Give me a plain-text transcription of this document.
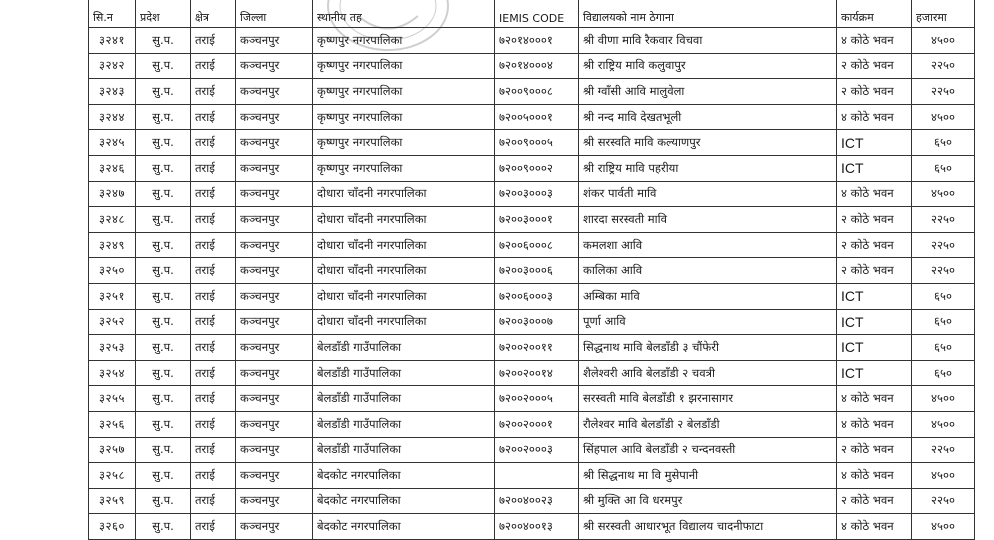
सि.न	प्रदेश	क्षेत्र	जिल्ला	स्थानीय तह	IEMIS CODE	विद्यालयको नाम ठेगाना	कार्यक्रम	हजारमा
३२४१	सु.प.	तराई	कञ्चनपुर	कृष्णपुर नगरपालिका	७२०१४०००१	श्री वीणा मावि रैकवार विचवा	४ कोठे भवन	४५००
३२४२	सु.प.	तराई	कञ्चनपुर	कृष्णपुर नगरपालिका	७२०१४०००४	श्री राष्ट्रिय मावि कलुवापुर	२ कोठे भवन	२२५०
३२४३	सु.प.	तराई	कञ्चनपुर	कृष्णपुर नगरपालिका	७२००९०००८	श्री ग्वाँसी आवि मालुवेला	२ कोठे भवन	२२५०
३२४४	सु.प.	तराई	कञ्चनपुर	कृष्णपुर नगरपालिका	७२००५०००१	श्री नन्द मावि देखतभूली	४ कोठे भवन	४५००
३२४५	सु.प.	तराई	कञ्चनपुर	कृष्णपुर नगरपालिका	७२००९०००५	श्री सरस्वति मावि कल्याणपुर	ICT	६५०
३२४६	सु.प.	तराई	कञ्चनपुर	कृष्णपुर नगरपालिका	७२००९०००२	श्री राष्ट्रिय मावि पहरीया	ICT	६५०
३२४७	सु.प.	तराई	कञ्चनपुर	दोधारा चाँदनी नगरपालिका	७२००३०००३	शंकर पार्वती मावि	४ कोठे भवन	४५००
३२४८	सु.प.	तराई	कञ्चनपुर	दोधारा चाँदनी नगरपालिका	७२००३०००१	शारदा सरस्वती मावि	२ कोठे भवन	२२५०
३२४९	सु.प.	तराई	कञ्चनपुर	दोधारा चाँदनी नगरपालिका	७२००६०००८	कमलशा आवि	२ कोठे भवन	२२५०
३२५०	सु.प.	तराई	कञ्चनपुर	दोधारा चाँदनी नगरपालिका	७२००३०००६	कालिका आवि	२ कोठे भवन	२२५०
३२५१	सु.प.	तराई	कञ्चनपुर	दोधारा चाँदनी नगरपालिका	७२००६०००३	अम्बिका मावि	ICT	६५०
३२५२	सु.प.	तराई	कञ्चनपुर	दोधारा चाँदनी नगरपालिका	७२००३०००७	पूर्णा आवि	ICT	६५०
३२५३	सु.प.	तराई	कञ्चनपुर	बेलडाँडी गाउँपालिका	७२००२००११	सिद्धनाथ मावि बेलडाँडी ३ चौंफेरी	ICT	६५०
३२५४	सु.प.	तराई	कञ्चनपुर	बेलडाँडी गाउँपालिका	७२००२००१४	शैलेश्वरी आवि बेलडाँडी २ चवत्री	ICT	६५०
३२५५	सु.प.	तराई	कञ्चनपुर	बेलडाँडी गाउँपालिका	७२००२०००५	सरस्वती मावि बेलडाँडी १ झरनासागर	४ कोठे भवन	४५००
३२५६	सु.प.	तराई	कञ्चनपुर	बेलडाँडी गाउँपालिका	७२००२०००१	रौलेश्वर मावि बेलडाँडी २ बेलडाँडी	४ कोठे भवन	४५००
३२५७	सु.प.	तराई	कञ्चनपुर	बेलडाँडी गाउँपालिका	७२००२०००३	सिंहपाल आवि बेलडाँडी २ चन्दनवस्ती	२ कोठे भवन	२२५०
३२५८	सु.प.	तराई	कञ्चनपुर	बेदकोट नगरपालिका		श्री सिद्धनाथ मा वि मुसेपानी	४ कोठे भवन	४५००
३२५९	सु.प.	तराई	कञ्चनपुर	बेदकोट नगरपालिका	७२००४००२३	श्री मुक्ति आ वि धरमपुर	२ कोठे भवन	२२५०
३२६०	सु.प.	तराई	कञ्चनपुर	बेदकोट नगरपालिका	७२००४००१३	श्री सरस्वती आधारभूत विद्यालय चादनीफाटा	४ कोठे भवन	४५००
